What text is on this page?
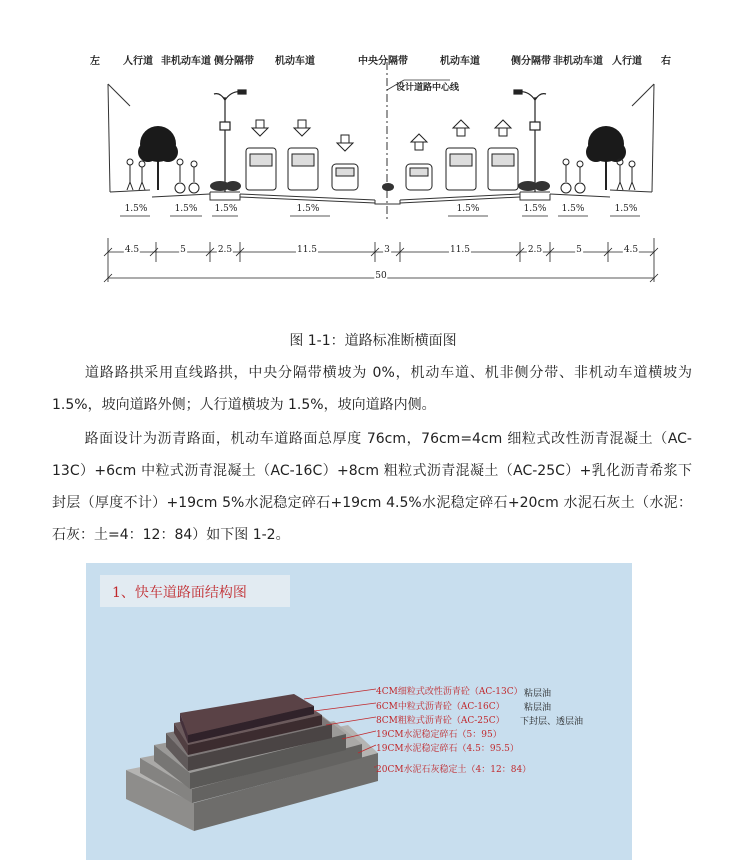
左 人行道 非机动车道 侧分隔带 机动车道	中央分隔带	机动车道	侧分隔带 非机动车道 人行道 右
设计道路中心线
1.5%	1.5% 1.5%	1.5%	1.5%	1.5% 1.5%	1.5%
4.5	5	2.5	11.5	3	11.5	2.5	5	4.5
50
图 1-1：道路标准断横面图

道路路拱采用直线路拱，中央分隔带横坡为 0%，机动车道、机非侧分带、非机动车道横坡为 1.5%，坡向道路外侧；人行道横坡为 1.5%，坡向道路内侧。

路面设计为沥青路面，机动车道路面总厚度 76cm，76cm=4cm 细粒式改性沥青混凝土（AC-13C）+6cm 中粒式沥青混凝土（AC-16C）+8cm 粗粒式沥青混凝土（AC-25C）+乳化沥青希浆下封层（厚度不计）+19cm 5%水泥稳定碎石+19cm 4.5%水泥稳定碎石+20cm 水泥石灰土（水泥：石灰：土=4：12：84）如下图 1-2。

1、快车道路面结构图
4CM细粒式改性沥青砼（AC-13C）
6CM中粒式沥青砼（AC-16C）
8CM粗粒式沥青砼（AC-25C）
19CM水泥稳定碎石（5：95）
19CM水泥稳定碎石（4.5：95.5）
20CM水泥石灰稳定土（4：12：84）
粘层油
粘层油
下封层、透层油
